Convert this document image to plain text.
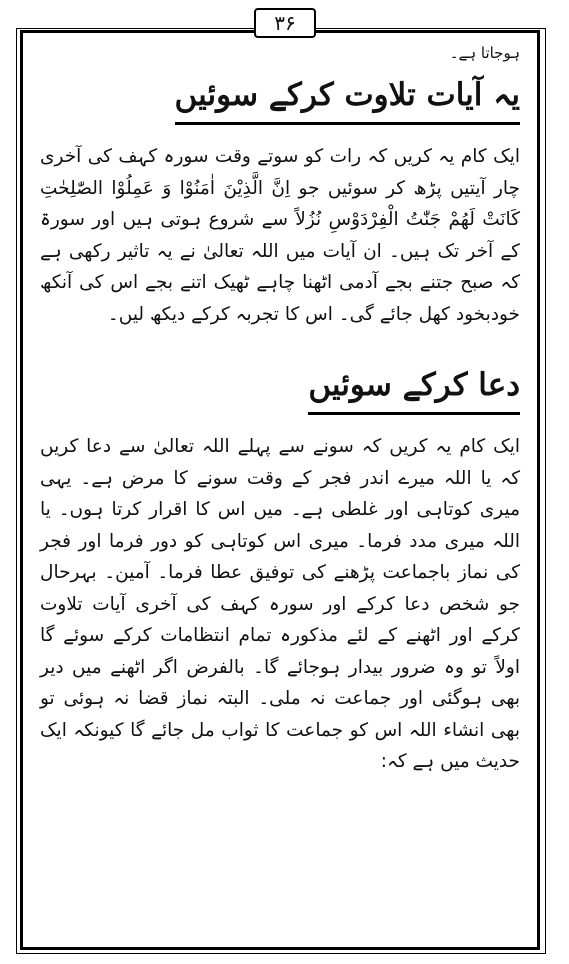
۳۶

ہوجاتا ہے۔

یہ آیات تلاوت کرکے سوئیں

ایک کام یہ کریں کہ رات کو سوتے وقت سورہ کہف کی آخری چار آیتیں پڑھ کر سوئیں جو اِنَّ الَّذِیْنَ اٰمَنُوْا وَ عَمِلُوْا الصّٰلِحٰتِ کَانَتْ لَھُمْ جَنّٰتُ الْفِرْدَوْسِ نُزُلاً سے شروع ہوتی ہیں اور سورۃ کے آخر تک ہیں۔ ان آیات میں اللہ تعالیٰ نے یہ تاثیر رکھی ہے کہ صبح جتنے بجے آدمی اٹھنا چاہے ٹھیک اتنے بجے اس کی آنکھ خودبخود کھل جائے گی۔ اس کا تجربہ کرکے دیکھ لیں۔

دعا کرکے سوئیں

ایک کام یہ کریں کہ سونے سے پہلے اللہ تعالیٰ سے دعا کریں کہ یا اللہ میرے اندر فجر کے وقت سونے کا مرض ہے۔ یہی میری کوتاہی اور غلطی ہے۔ میں اس کا اقرار کرتا ہوں۔ یا اللہ میری مدد فرما۔ میری اس کوتاہی کو دور فرما اور فجر کی نماز باجماعت پڑھنے کی توفیق عطا فرما۔ آمین۔ بہرحال جو شخص دعا کرکے اور سورہ کہف کی آخری آیات تلاوت کرکے اور اٹھنے کے لئے مذکورہ تمام انتظامات کرکے سوئے گا اولاً تو وہ ضرور بیدار ہوجائے گا۔ بالفرض اگر اٹھنے میں دیر بھی ہوگئی اور جماعت نہ ملی۔ البتہ نماز قضا نہ ہوئی تو بھی انشاء اللہ اس کو جماعت کا ثواب مل جائے گا کیونکہ ایک حدیث میں ہے کہ:
